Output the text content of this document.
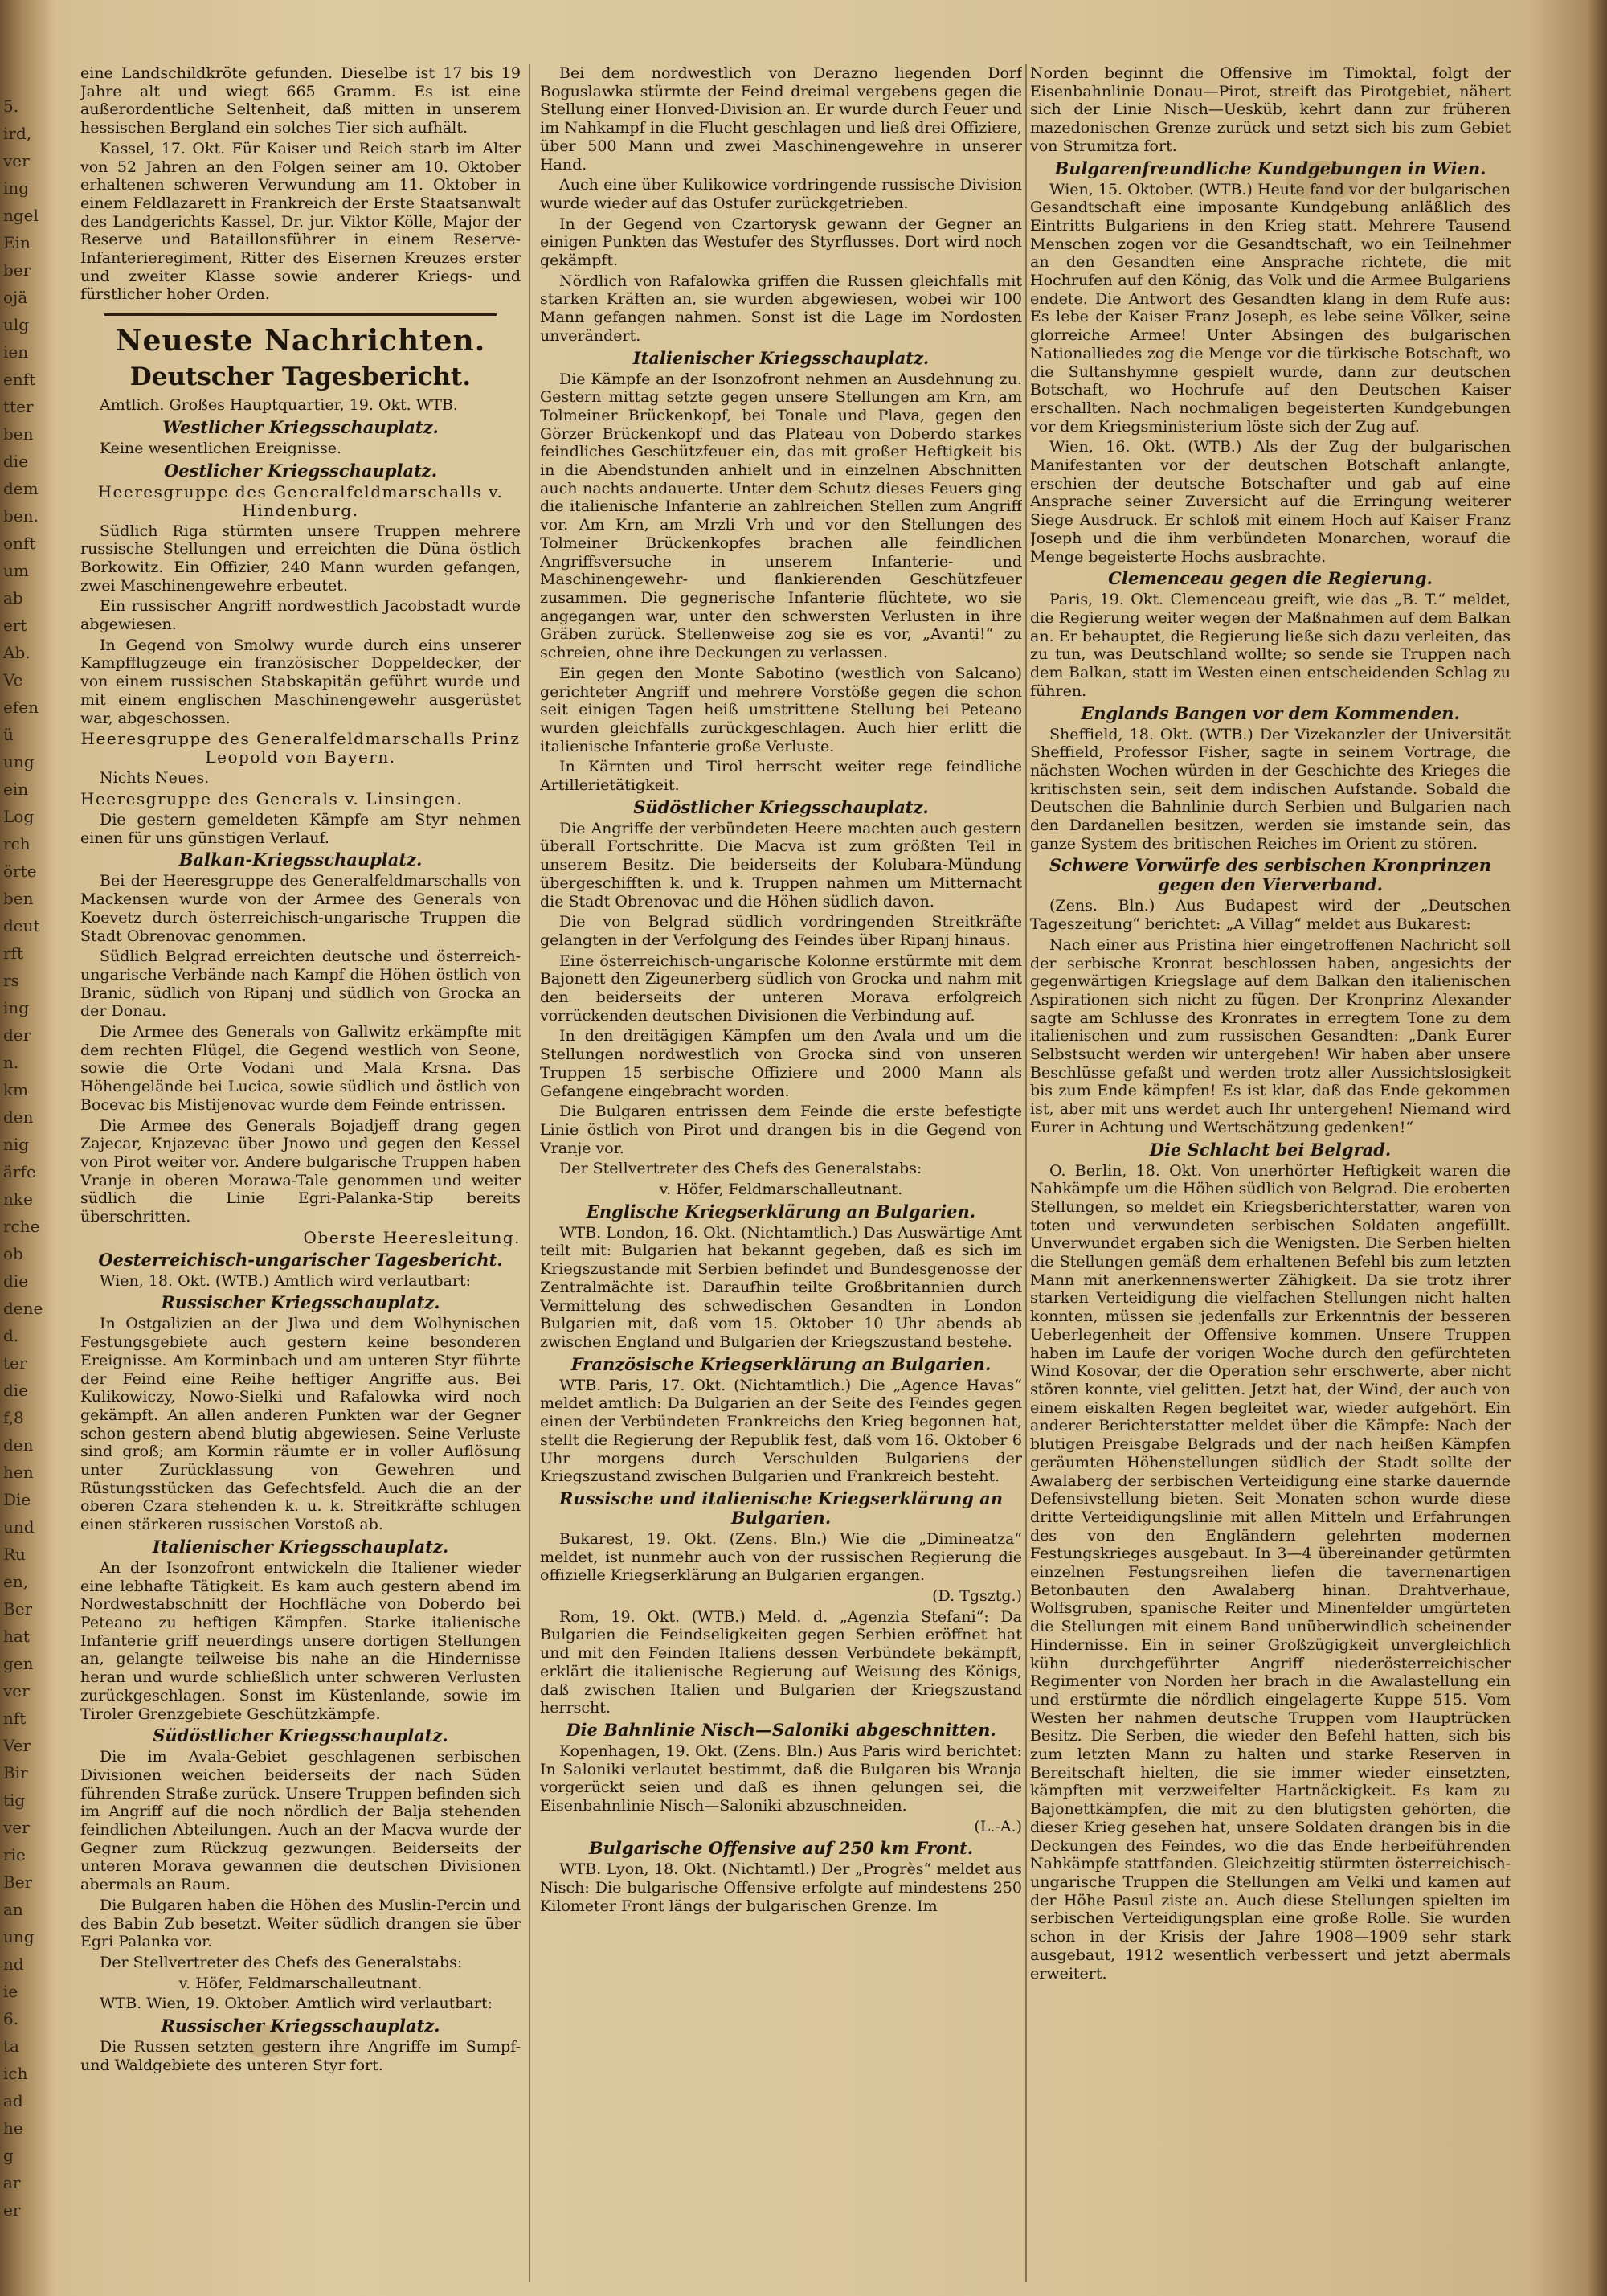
5.
ird,
ver
ing
ngel
Ein
ber
ojä
ulg
ien
enft
tter
ben
die
dem
ben.
onft
um
ab
ert
Ab.
Ve
efen
ü
ung
ein
Log
rch
örte
ben
deut
rft
rs
ing
der
n.
km
den
nig
ärfe
nke
rche
ob
die
dene
d.
ter
die
f,8
den
hen
Die
und
Ru
en,
Ber
hat
gen
ver
nft
Ver
Bir
tig
ver
rie
Ber
an
ung
nd
ie
6.
ta
ich
ad
he
g
ar
er

eine Landschildkröte gefunden. Dieselbe ist 17 bis 19 Jahre alt und wiegt 665 Gramm. Es ist eine außerordentliche Seltenheit, daß mitten in unserem hessischen Bergland ein solches Tier sich aufhält.

Kassel, 17. Okt. Für Kaiser und Reich starb im Alter von 52 Jahren an den Folgen seiner am 10. Oktober erhaltenen schweren Verwundung am 11. Oktober in einem Feldlazarett in Frankreich der Erste Staatsanwalt des Landgerichts Kassel, Dr. jur. Viktor Kölle, Major der Reserve und Bataillonsführer in einem Reserve-Infanterieregiment, Ritter des Eisernen Kreuzes erster und zweiter Klasse sowie anderer Kriegs- und fürstlicher hoher Orden.

Neueste Nachrichten.
Deutscher Tagesbericht.

Amtlich. Großes Hauptquartier, 19. Okt. WTB.

Westlicher Kriegsschauplatz.

Keine wesentlichen Ereignisse.

Oestlicher Kriegsschauplatz.

Heeresgruppe des Generalfeldmarschalls v. Hindenburg.

Südlich Riga stürmten unsere Truppen mehrere russische Stellungen und erreichten die Düna östlich Borkowitz. Ein Offizier, 240 Mann wurden gefangen, zwei Maschinengewehre erbeutet.

Ein russischer Angriff nordwestlich Jacobstadt wurde abgewiesen.

In Gegend von Smolwy wurde durch eins unserer Kampfflugzeuge ein französischer Doppeldecker, der von einem russischen Stabskapitän geführt wurde und mit einem englischen Maschinengewehr ausgerüstet war, abgeschossen.

Heeresgruppe des Generalfeldmarschalls Prinz Leopold von Bayern.

Nichts Neues.

Heeresgruppe des Generals v. Linsingen.

Die gestern gemeldeten Kämpfe am Styr nehmen einen für uns günstigen Verlauf.

Balkan-Kriegsschauplatz.

Bei der Heeresgruppe des Generalfeldmarschalls von Mackensen wurde von der Armee des Generals von Koevetz durch österreichisch-ungarische Truppen die Stadt Obrenovac genommen.

Südlich Belgrad erreichten deutsche und österreich-ungarische Verbände nach Kampf die Höhen östlich von Branic, südlich von Ripanj und südlich von Grocka an der Donau.

Die Armee des Generals von Gallwitz erkämpfte mit dem rechten Flügel, die Gegend westlich von Seone, sowie die Orte Vodani und Mala Krsna. Das Höhengelände bei Lucica, sowie südlich und östlich von Bocevac bis Mistijenovac wurde dem Feinde entrissen.

Die Armee des Generals Bojadjeff drang gegen Zajecar, Knjazevac über Jnowo und gegen den Kessel von Pirot weiter vor. Andere bulgarische Truppen haben Vranje in oberen Morawa-Tale genommen und weiter südlich die Linie Egri-Palanka-Stip bereits überschritten.

Oberste Heeresleitung.

Oesterreichisch-ungarischer Tagesbericht.

Wien, 18. Okt. (WTB.) Amtlich wird verlautbart:

Russischer Kriegsschauplatz.

In Ostgalizien an der Jlwa und dem Wolhynischen Festungsgebiete auch gestern keine besonderen Ereignisse. Am Korminbach und am unteren Styr führte der Feind eine Reihe heftiger Angriffe aus. Bei Kulikowiczy, Nowo-Sielki und Rafalowka wird noch gekämpft. An allen anderen Punkten war der Gegner schon gestern abend blutig abgewiesen. Seine Verluste sind groß; am Kormin räumte er in voller Auflösung unter Zurücklassung von Gewehren und Rüstungsstücken das Gefechtsfeld. Auch die an der oberen Czara stehenden k. u. k. Streitkräfte schlugen einen stärkeren russischen Vorstoß ab.

Italienischer Kriegsschauplatz.

An der Isonzofront entwickeln die Italiener wieder eine lebhafte Tätigkeit. Es kam auch gestern abend im Nordwestabschnitt der Hochfläche von Doberdo bei Peteano zu heftigen Kämpfen. Starke italienische Infanterie griff neuerdings unsere dortigen Stellungen an, gelangte teilweise bis nahe an die Hindernisse heran und wurde schließlich unter schweren Verlusten zurückgeschlagen. Sonst im Küstenlande, sowie im Tiroler Grenzgebiete Geschützkämpfe.

Südöstlicher Kriegsschauplatz.

Die im Avala-Gebiet geschlagenen serbischen Divisionen weichen beiderseits der nach Süden führenden Straße zurück. Unsere Truppen befinden sich im Angriff auf die noch nördlich der Balja stehenden feindlichen Abteilungen. Auch an der Macva wurde der Gegner zum Rückzug gezwungen. Beiderseits der unteren Morava gewannen die deutschen Divisionen abermals an Raum.

Die Bulgaren haben die Höhen des Muslin-Percin und des Babin Zub besetzt. Weiter südlich drangen sie über Egri Palanka vor.

Der Stellvertreter des Chefs des Generalstabs:

v. Höfer, Feldmarschalleutnant.

WTB. Wien, 19. Oktober. Amtlich wird verlautbart:

Russischer Kriegsschauplatz.

Die Russen setzten gestern ihre Angriffe im Sumpf- und Waldgebiete des unteren Styr fort.

Bei dem nordwestlich von Derazno liegenden Dorf Boguslawka stürmte der Feind dreimal vergebens gegen die Stellung einer Honved-Division an. Er wurde durch Feuer und im Nahkampf in die Flucht geschlagen und ließ drei Offiziere, über 500 Mann und zwei Maschinengewehre in unserer Hand.

Auch eine über Kulikowice vordringende russische Division wurde wieder auf das Ostufer zurückgetrieben.

In der Gegend von Czartorysk gewann der Gegner an einigen Punkten das Westufer des Styrflusses. Dort wird noch gekämpft.

Nördlich von Rafalowka griffen die Russen gleichfalls mit starken Kräften an, sie wurden abgewiesen, wobei wir 100 Mann gefangen nahmen. Sonst ist die Lage im Nordosten unverändert.

Italienischer Kriegsschauplatz.

Die Kämpfe an der Isonzofront nehmen an Ausdehnung zu. Gestern mittag setzte gegen unsere Stellungen am Krn, am Tolmeiner Brückenkopf, bei Tonale und Plava, gegen den Görzer Brückenkopf und das Plateau von Doberdo starkes feindliches Geschützfeuer ein, das mit großer Heftigkeit bis in die Abendstunden anhielt und in einzelnen Abschnitten auch nachts andauerte. Unter dem Schutz dieses Feuers ging die italienische Infanterie an zahlreichen Stellen zum Angriff vor. Am Krn, am Mrzli Vrh und vor den Stellungen des Tolmeiner Brückenkopfes brachen alle feindlichen Angriffsversuche in unserem Infanterie- und Maschinengewehr- und flankierenden Geschützfeuer zusammen. Die gegnerische Infanterie flüchtete, wo sie angegangen war, unter den schwersten Verlusten in ihre Gräben zurück. Stellenweise zog sie es vor, „Avanti!“ zu schreien, ohne ihre Deckungen zu verlassen.

Ein gegen den Monte Sabotino (westlich von Salcano) gerichteter Angriff und mehrere Vorstöße gegen die schon seit einigen Tagen heiß umstrittene Stellung bei Peteano wurden gleichfalls zurückgeschlagen. Auch hier erlitt die italienische Infanterie große Verluste.

In Kärnten und Tirol herrscht weiter rege feindliche Artillerietätigkeit.

Südöstlicher Kriegsschauplatz.

Die Angriffe der verbündeten Heere machten auch gestern überall Fortschritte. Die Macva ist zum größten Teil in unserem Besitz. Die beiderseits der Kolubara-Mündung übergeschifften k. und k. Truppen nahmen um Mitternacht die Stadt Obrenovac und die Höhen südlich davon.

Die von Belgrad südlich vordringenden Streitkräfte gelangten in der Verfolgung des Feindes über Ripanj hinaus.

Eine österreichisch-ungarische Kolonne erstürmte mit dem Bajonett den Zigeunerberg südlich von Grocka und nahm mit den beiderseits der unteren Morava erfolgreich vorrückenden deutschen Divisionen die Verbindung auf.

In den dreitägigen Kämpfen um den Avala und um die Stellungen nordwestlich von Grocka sind von unseren Truppen 15 serbische Offiziere und 2000 Mann als Gefangene eingebracht worden.

Die Bulgaren entrissen dem Feinde die erste befestigte Linie östlich von Pirot und drangen bis in die Gegend von Vranje vor.

Der Stellvertreter des Chefs des Generalstabs:

v. Höfer, Feldmarschalleutnant.

Englische Kriegserklärung an Bulgarien.

WTB. London, 16. Okt. (Nichtamtlich.) Das Auswärtige Amt teilt mit: Bulgarien hat bekannt gegeben, daß es sich im Kriegszustande mit Serbien befindet und Bundesgenosse der Zentralmächte ist. Daraufhin teilte Großbritannien durch Vermittelung des schwedischen Gesandten in London Bulgarien mit, daß vom 15. Oktober 10 Uhr abends ab zwischen England und Bulgarien der Kriegszustand bestehe.

Französische Kriegserklärung an Bulgarien.

WTB. Paris, 17. Okt. (Nichtamtlich.) Die „Agence Havas“ meldet amtlich: Da Bulgarien an der Seite des Feindes gegen einen der Verbündeten Frankreichs den Krieg begonnen hat, stellt die Regierung der Republik fest, daß vom 16. Oktober 6 Uhr morgens durch Verschulden Bulgariens der Kriegszustand zwischen Bulgarien und Frankreich besteht.

Russische und italienische Kriegserklärung an Bulgarien.

Bukarest, 19. Okt. (Zens. Bln.) Wie die „Dimineatza“ meldet, ist nunmehr auch von der russischen Regierung die offizielle Kriegserklärung an Bulgarien ergangen.

(D. Tgsztg.)

Rom, 19. Okt. (WTB.) Meld. d. „Agenzia Stefani“: Da Bulgarien die Feindseligkeiten gegen Serbien eröffnet hat und mit den Feinden Italiens dessen Verbündete bekämpft, erklärt die italienische Regierung auf Weisung des Königs, daß zwischen Italien und Bulgarien der Kriegszustand herrscht.

Die Bahnlinie Nisch—Saloniki abgeschnitten.

Kopenhagen, 19. Okt. (Zens. Bln.) Aus Paris wird berichtet: In Saloniki verlautet bestimmt, daß die Bulgaren bis Wranja vorgerückt seien und daß es ihnen gelungen sei, die Eisenbahnlinie Nisch—Saloniki abzuschneiden.

(L.-A.)

Bulgarische Offensive auf 250 km Front.

WTB. Lyon, 18. Okt. (Nichtamtl.) Der „Progrès“ meldet aus Nisch: Die bulgarische Offensive erfolgte auf mindestens 250 Kilometer Front längs der bulgarischen Grenze. Im

Norden beginnt die Offensive im Timoktal, folgt der Eisenbahnlinie Donau—Pirot, streift das Pirotgebiet, nähert sich der Linie Nisch—Uesküb, kehrt dann zur früheren mazedonischen Grenze zurück und setzt sich bis zum Gebiet von Strumitza fort.

Bulgarenfreundliche Kundgebungen in Wien.

Wien, 15. Oktober. (WTB.) Heute fand vor der bulgarischen Gesandtschaft eine imposante Kundgebung anläßlich des Eintritts Bulgariens in den Krieg statt. Mehrere Tausend Menschen zogen vor die Gesandtschaft, wo ein Teilnehmer an den Gesandten eine Ansprache richtete, die mit Hochrufen auf den König, das Volk und die Armee Bulgariens endete. Die Antwort des Gesandten klang in dem Rufe aus: Es lebe der Kaiser Franz Joseph, es lebe seine Völker, seine glorreiche Armee! Unter Absingen des bulgarischen Nationalliedes zog die Menge vor die türkische Botschaft, wo die Sultanshymne gespielt wurde, dann zur deutschen Botschaft, wo Hochrufe auf den Deutschen Kaiser erschallten. Nach nochmaligen begeisterten Kundgebungen vor dem Kriegsministerium löste sich der Zug auf.

Wien, 16. Okt. (WTB.) Als der Zug der bulgarischen Manifestanten vor der deutschen Botschaft anlangte, erschien der deutsche Botschafter und gab auf eine Ansprache seiner Zuversicht auf die Erringung weiterer Siege Ausdruck. Er schloß mit einem Hoch auf Kaiser Franz Joseph und die ihm verbündeten Monarchen, worauf die Menge begeisterte Hochs ausbrachte.

Clemenceau gegen die Regierung.

Paris, 19. Okt. Clemenceau greift, wie das „B. T.“ meldet, die Regierung weiter wegen der Maßnahmen auf dem Balkan an. Er behauptet, die Regierung ließe sich dazu verleiten, das zu tun, was Deutschland wollte; so sende sie Truppen nach dem Balkan, statt im Westen einen entscheidenden Schlag zu führen.

Englands Bangen vor dem Kommenden.

Sheffield, 18. Okt. (WTB.) Der Vizekanzler der Universität Sheffield, Professor Fisher, sagte in seinem Vortrage, die nächsten Wochen würden in der Geschichte des Krieges die kritischsten sein, seit dem indischen Aufstande. Sobald die Deutschen die Bahnlinie durch Serbien und Bulgarien nach den Dardanellen besitzen, werden sie imstande sein, das ganze System des britischen Reiches im Orient zu stören.

Schwere Vorwürfe des serbischen Kronprinzen gegen den Vierverband.

(Zens. Bln.) Aus Budapest wird der „Deutschen Tageszeitung“ berichtet: „A Villag“ meldet aus Bukarest:

Nach einer aus Pristina hier eingetroffenen Nachricht soll der serbische Kronrat beschlossen haben, angesichts der gegenwärtigen Kriegslage auf dem Balkan den italienischen Aspirationen sich nicht zu fügen. Der Kronprinz Alexander sagte am Schlusse des Kronrates in erregtem Tone zu dem italienischen und zum russischen Gesandten: „Dank Eurer Selbstsucht werden wir untergehen! Wir haben aber unsere Beschlüsse gefaßt und werden trotz aller Aussichtslosigkeit bis zum Ende kämpfen! Es ist klar, daß das Ende gekommen ist, aber mit uns werdet auch Ihr untergehen! Niemand wird Eurer in Achtung und Wertschätzung gedenken!“

Die Schlacht bei Belgrad.

O. Berlin, 18. Okt. Von unerhörter Heftigkeit waren die Nahkämpfe um die Höhen südlich von Belgrad. Die eroberten Stellungen, so meldet ein Kriegsberichterstatter, waren von toten und verwundeten serbischen Soldaten angefüllt. Unverwundet ergaben sich die Wenigsten. Die Serben hielten die Stellungen gemäß dem erhaltenen Befehl bis zum letzten Mann mit anerkennenswerter Zähigkeit. Da sie trotz ihrer starken Verteidigung die vielfachen Stellungen nicht halten konnten, müssen sie jedenfalls zur Erkenntnis der besseren Ueberlegenheit der Offensive kommen. Unsere Truppen haben im Laufe der vorigen Woche durch den gefürchteten Wind Kosovar, der die Operation sehr erschwerte, aber nicht stören konnte, viel gelitten. Jetzt hat, der Wind, der auch von einem eiskalten Regen begleitet war, wieder aufgehört. Ein anderer Berichterstatter meldet über die Kämpfe: Nach der blutigen Preisgabe Belgrads und der nach heißen Kämpfen geräumten Höhenstellungen südlich der Stadt sollte der Awalaberg der serbischen Verteidigung eine starke dauernde Defensivstellung bieten. Seit Monaten schon wurde diese dritte Verteidigungslinie mit allen Mitteln und Erfahrungen des von den Engländern gelehrten modernen Festungskrieges ausgebaut. In 3—4 übereinander getürmten einzelnen Festungsreihen liefen die tavernenartigen Betonbauten den Awalaberg hinan. Drahtverhaue, Wolfsgruben, spanische Reiter und Minenfelder umgürteten die Stellungen mit einem Band unüberwindlich scheinender Hindernisse. Ein in seiner Großzügigkeit unvergleichlich kühn durchgeführter Angriff niederösterreichischer Regimenter von Norden her brach in die Awalastellung ein und erstürmte die nördlich eingelagerte Kuppe 515. Vom Westen her nahmen deutsche Truppen vom Hauptrücken Besitz. Die Serben, die wieder den Befehl hatten, sich bis zum letzten Mann zu halten und starke Reserven in Bereitschaft hielten, die sie immer wieder einsetzten, kämpften mit verzweifelter Hartnäckigkeit. Es kam zu Bajonettkämpfen, die mit zu den blutigsten gehörten, die dieser Krieg gesehen hat, unsere Soldaten drangen bis in die Deckungen des Feindes, wo die das Ende herbeiführenden Nahkämpfe stattfanden. Gleichzeitig stürmten österreichisch-ungarische Truppen die Stellungen am Velki und kamen auf der Höhe Pasul ziste an. Auch diese Stellungen spielten im serbischen Verteidigungsplan eine große Rolle. Sie wurden schon in der Krisis der Jahre 1908—1909 sehr stark ausgebaut, 1912 wesentlich verbessert und jetzt abermals erweitert.
